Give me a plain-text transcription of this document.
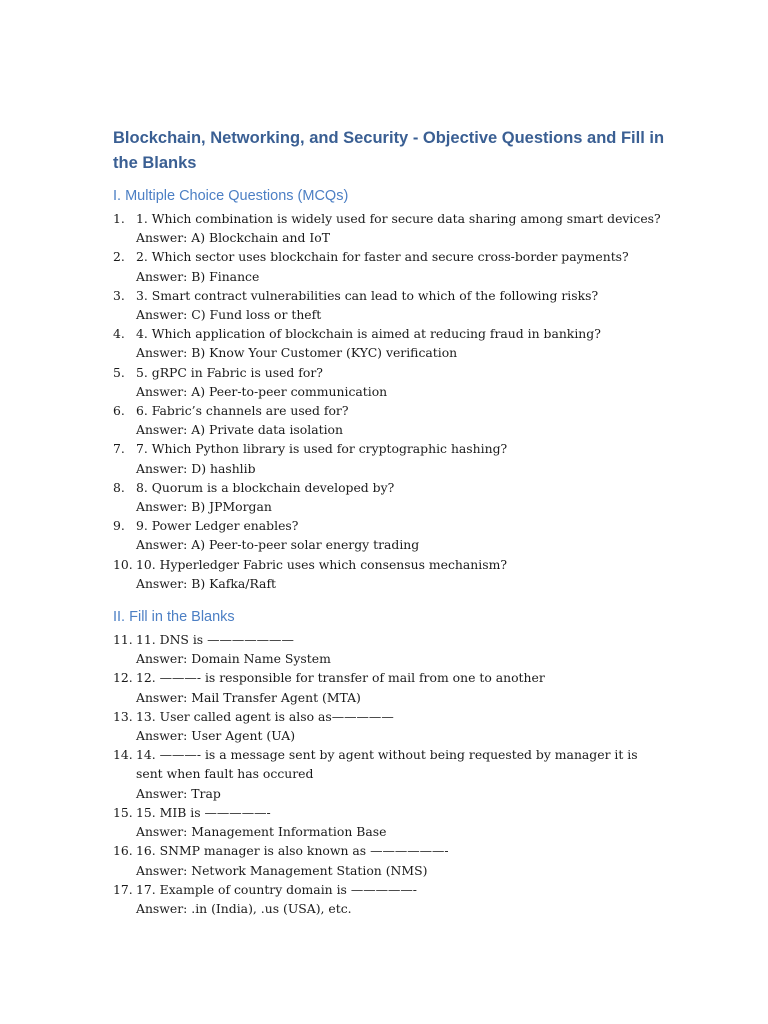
Blockchain, Networking, and Security - Objective Questions and Fill in the Blanks
I. Multiple Choice Questions (MCQs)
1. 1. Which combination is widely used for secure data sharing among smart devices?
Answer: A) Blockchain and IoT
2. 2. Which sector uses blockchain for faster and secure cross-border payments?
Answer: B) Finance
3. 3. Smart contract vulnerabilities can lead to which of the following risks?
Answer: C) Fund loss or theft
4. 4. Which application of blockchain is aimed at reducing fraud in banking?
Answer: B) Know Your Customer (KYC) verification
5. 5. gRPC in Fabric is used for?
Answer: A) Peer-to-peer communication
6. 6. Fabric’s channels are used for?
Answer: A) Private data isolation
7. 7. Which Python library is used for cryptographic hashing?
Answer: D) hashlib
8. 8. Quorum is a blockchain developed by?
Answer: B) JPMorgan
9. 9. Power Ledger enables?
Answer: A) Peer-to-peer solar energy trading
10. 10. Hyperledger Fabric uses which consensus mechanism?
Answer: B) Kafka/Raft
II. Fill in the Blanks
11. 11. DNS is ———————
Answer: Domain Name System
12. 12. ———- is responsible for transfer of mail from one to another
Answer: Mail Transfer Agent (MTA)
13. 13. User called agent is also as—————
Answer: User Agent (UA)
14. 14. ———- is a message sent by agent without being requested by manager it is sent when fault has occured
Answer: Trap
15. 15. MIB is —————-
Answer: Management Information Base
16. 16. SNMP manager is also known as ——————-
Answer: Network Management Station (NMS)
17. 17. Example of country domain is —————-
Answer: .in (India), .us (USA), etc.
